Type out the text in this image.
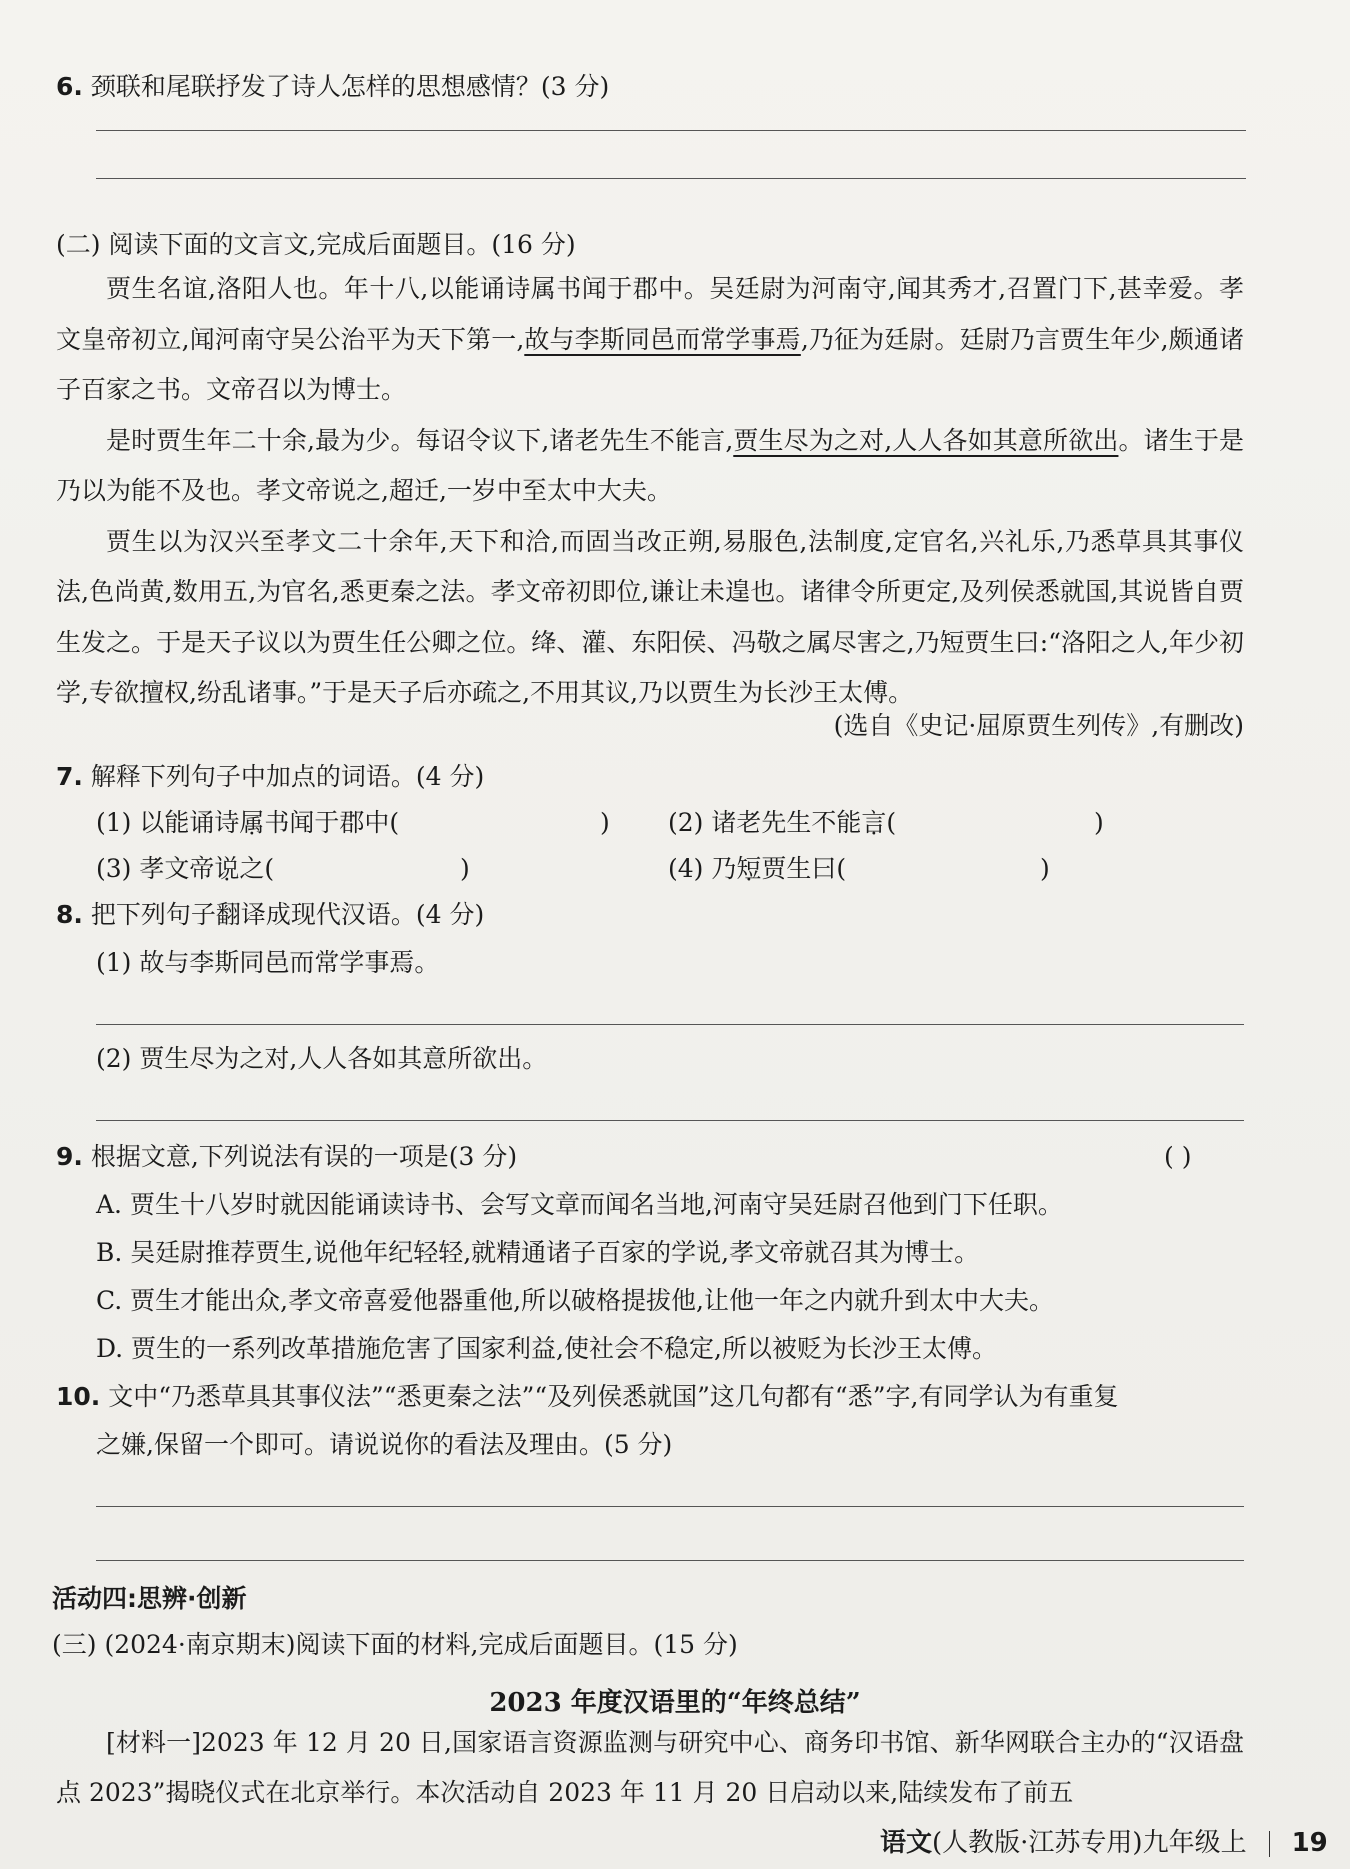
6. 颈联和尾联抒发了诗人怎样的思想感情？(3 分)
(二) 阅读下面的文言文,完成后面题目。(16 分)

贾生名谊,洛阳人也。年十八,以能诵诗属书闻于郡中。吴廷尉为河南守,闻其秀才,召置门下,甚幸爱。孝文皇帝初立,闻河南守吴公治平为天下第一,故与李斯同邑而常学事焉,乃征为廷尉。廷尉乃言贾生年少,颇通诸子百家之书。文帝召以为博士。

是时贾生年二十余,最为少。每诏令议下,诸老先生不能言,贾生尽为之对,人人各如其意所欲出。诸生于是乃以为能不及也。孝文帝说之,超迁,一岁中至太中大夫。

贾生以为汉兴至孝文二十余年,天下和洽,而固当改正朔,易服色,法制度,定官名,兴礼乐,乃悉草具其事仪法,色尚黄,数用五,为官名,悉更秦之法。孝文帝初即位,谦让未遑也。诸律令所更定,及列侯悉就国,其说皆自贾生发之。于是天子议以为贾生任公卿之位。绛、灌、东阳侯、冯敬之属尽害之,乃短贾生曰:“洛阳之人,年少初学,专欲擅权,纷乱诸事。”于是天子后亦疏之,不用其议,乃以贾生为长沙王太傅。

(选自《史记·屈原贾生列传》,有删改)
7. 解释下列句子中加点的词语。(4 分)
(1) 以能诵诗属书闻于郡中(	) (2) 诸老先生不能言(	)
(3) 孝文帝说之(	)	(4) 乃短贾生曰(	)
8. 把下列句子翻译成现代汉语。(4 分)
(1) 故与李斯同邑而常学事焉。
(2) 贾生尽为之对,人人各如其意所欲出。
9. 根据文意,下列说法有误的一项是(3 分)	( )
A. 贾生十八岁时就因能诵读诗书、会写文章而闻名当地,河南守吴廷尉召他到门下任职。
B. 吴廷尉推荐贾生,说他年纪轻轻,就精通诸子百家的学说,孝文帝就召其为博士。
C. 贾生才能出众,孝文帝喜爱他器重他,所以破格提拔他,让他一年之内就升到太中大夫。
D. 贾生的一系列改革措施危害了国家利益,使社会不稳定,所以被贬为长沙王太傅。
10. 文中“乃悉草具其事仪法”“悉更秦之法”“及列侯悉就国”这几句都有“悉”字,有同学认为有重复
之嫌,保留一个即可。请说说你的看法及理由。(5 分)
活动四:思辨·创新
(三) (2024·南京期末)阅读下面的材料,完成后面题目。(15 分)
2023 年度汉语里的“年终总结”

[材料一]2023 年 12 月 20 日,国家语言资源监测与研究中心、商务印书馆、新华网联合主办的“汉语盘点 2023”揭晓仪式在北京举行。本次活动自 2023 年 11 月 20 日启动以来,陆续发布了前五

语文(人教版·江苏专用)九年级上 19
